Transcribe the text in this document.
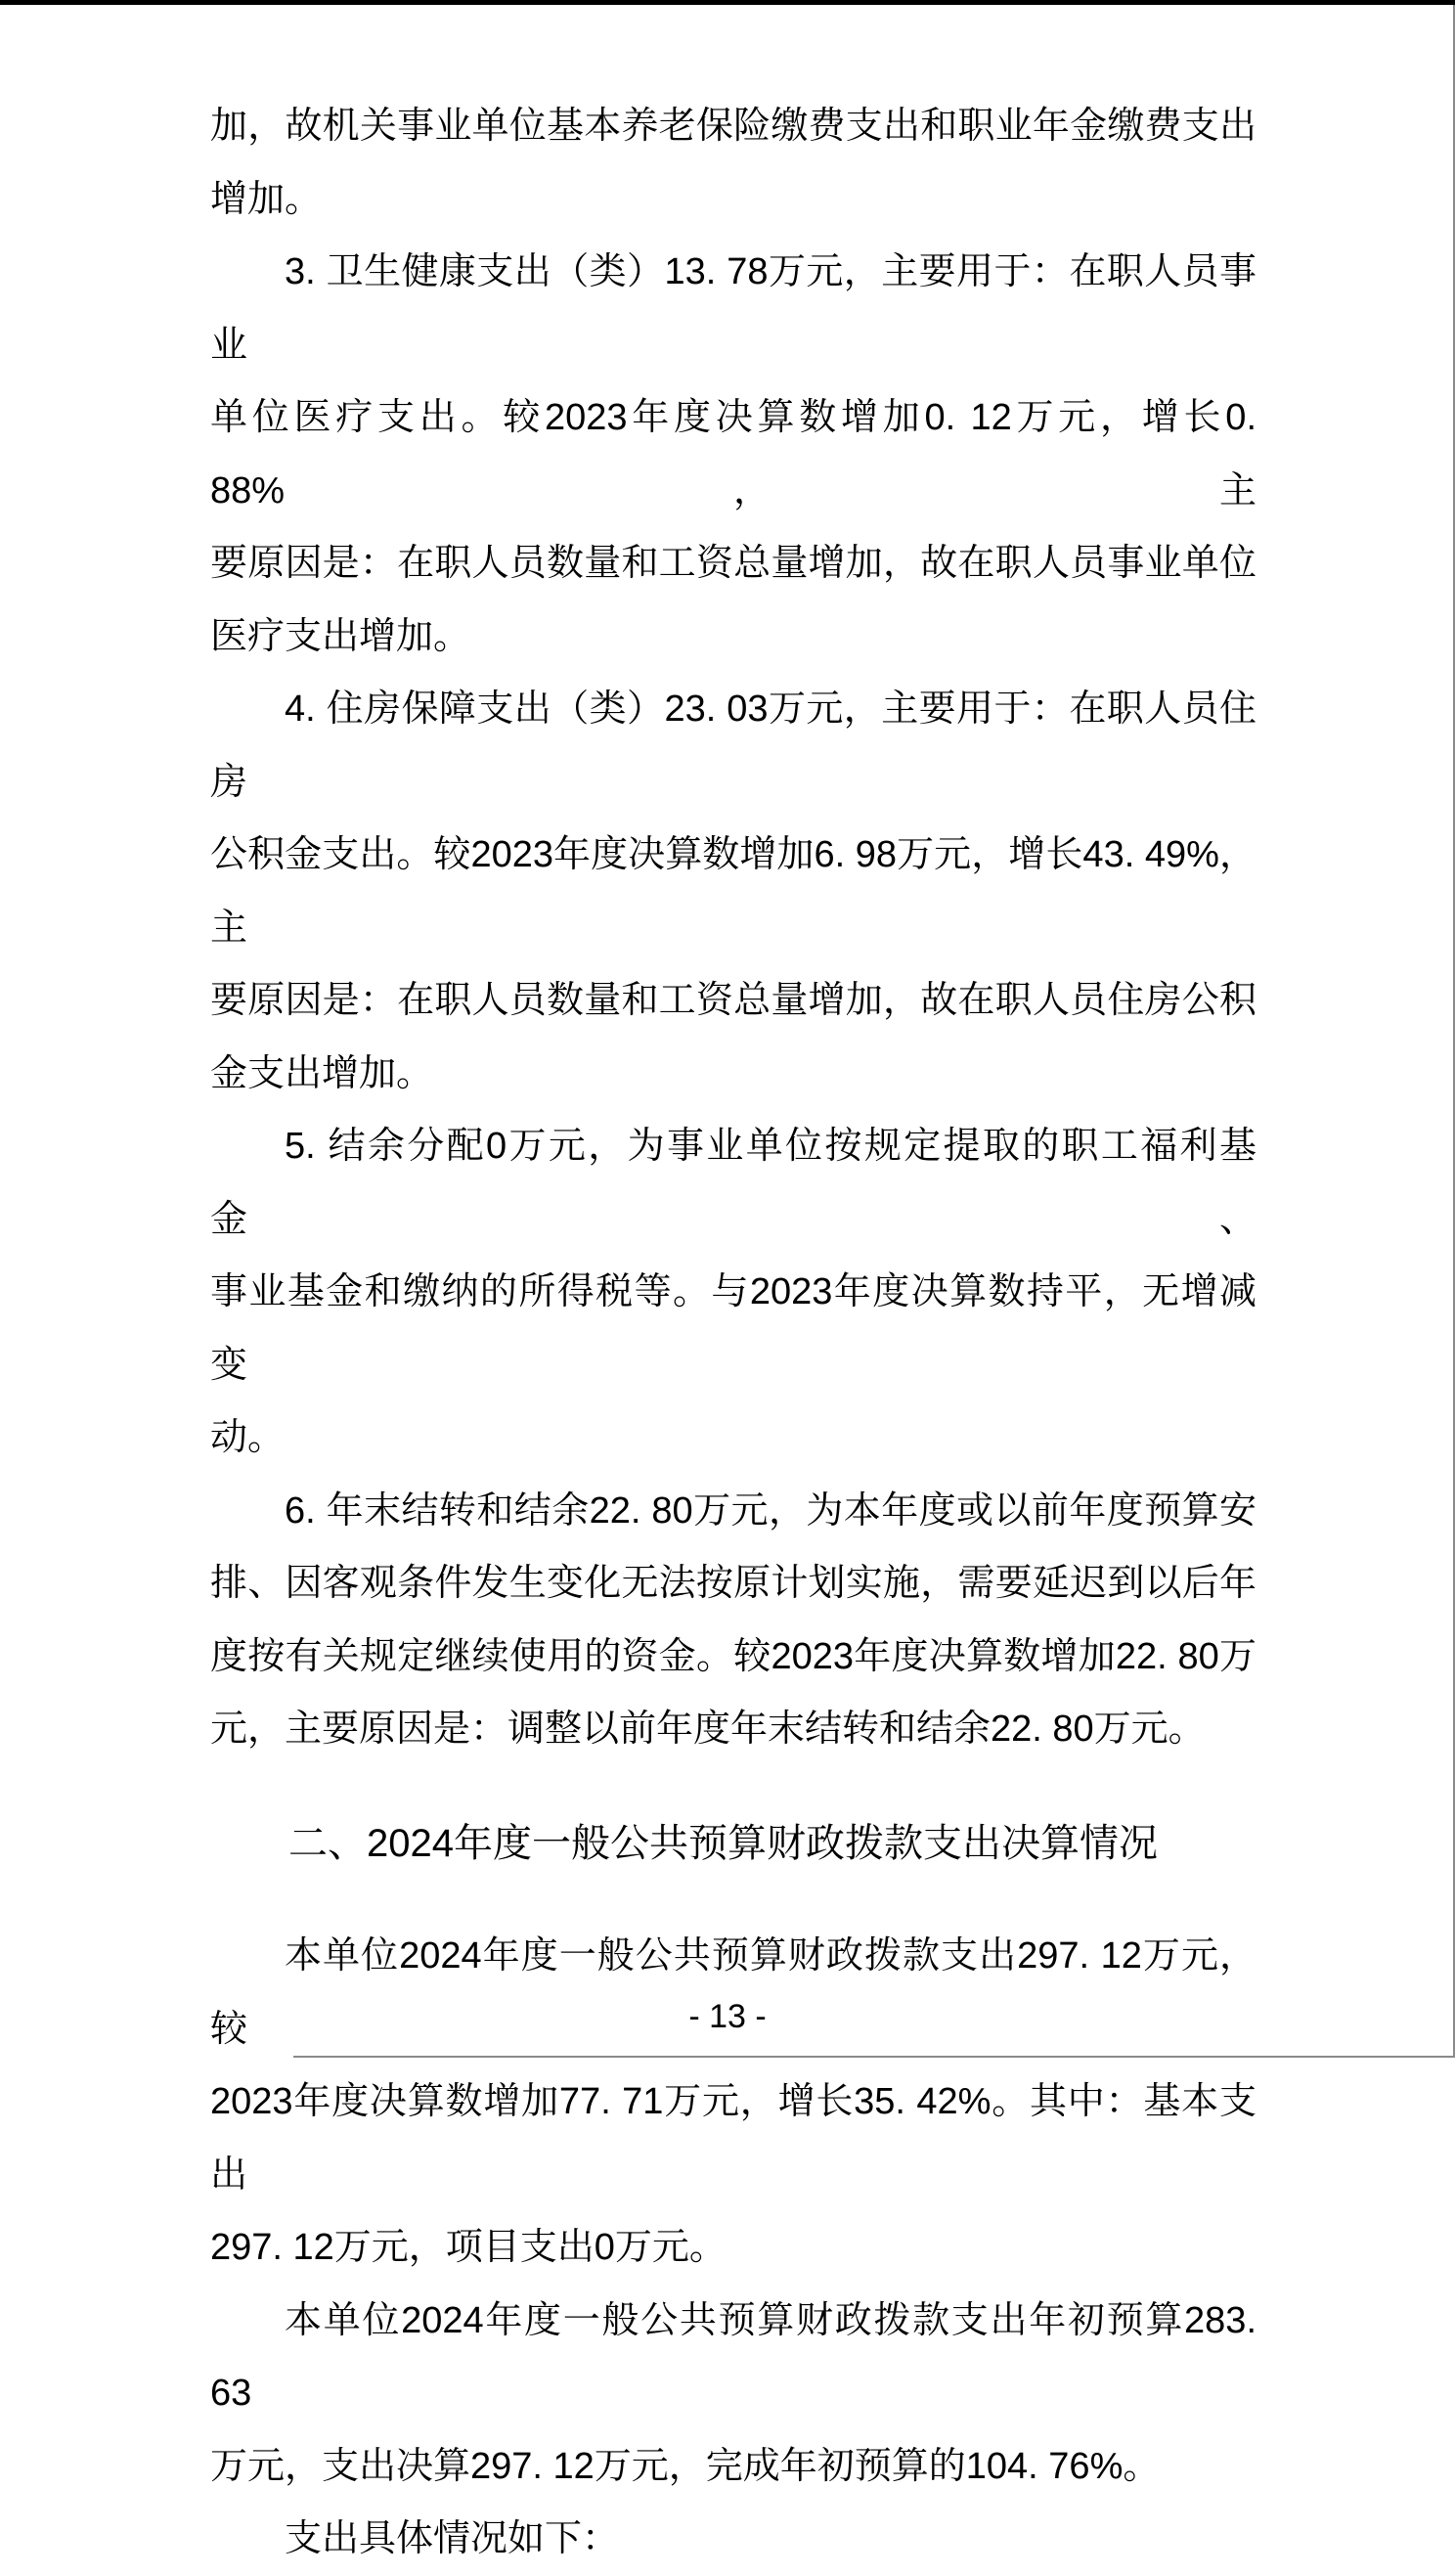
加，故机关事业单位基本养老保险缴费支出和职业年金缴费支出
增加。
3. 卫生健康支出（类）13. 78万元，主要用于：在职人员事业
单位医疗支出。较2023年度决算数增加0. 12万元，增长0. 88%，主
要原因是：在职人员数量和工资总量增加，故在职人员事业单位
医疗支出增加。
4. 住房保障支出（类）23. 03万元，主要用于：在职人员住房
公积金支出。较2023年度决算数增加6. 98万元，增长43. 49%，主
要原因是：在职人员数量和工资总量增加，故在职人员住房公积
金支出增加。
5. 结余分配0万元，为事业单位按规定提取的职工福利基金、
事业基金和缴纳的所得税等。与2023年度决算数持平，无增减变
动。
6. 年末结转和结余22. 80万元，为本年度或以前年度预算安
排、因客观条件发生变化无法按原计划实施，需要延迟到以后年
度按有关规定继续使用的资金。较2023年度决算数增加22. 80万
元，主要原因是：调整以前年度年末结转和结余22. 80万元。
二、2024年度一般公共预算财政拨款支出决算情况
本单位2024年度一般公共预算财政拨款支出297. 12万元，较
2023年度决算数增加77. 71万元，增长35. 42%。其中：基本支出
297. 12万元，项目支出0万元。
本单位2024年度一般公共预算财政拨款支出年初预算283. 63
万元，支出决算297. 12万元，完成年初预算的104. 76%。
支出具体情况如下：
- 13 -
